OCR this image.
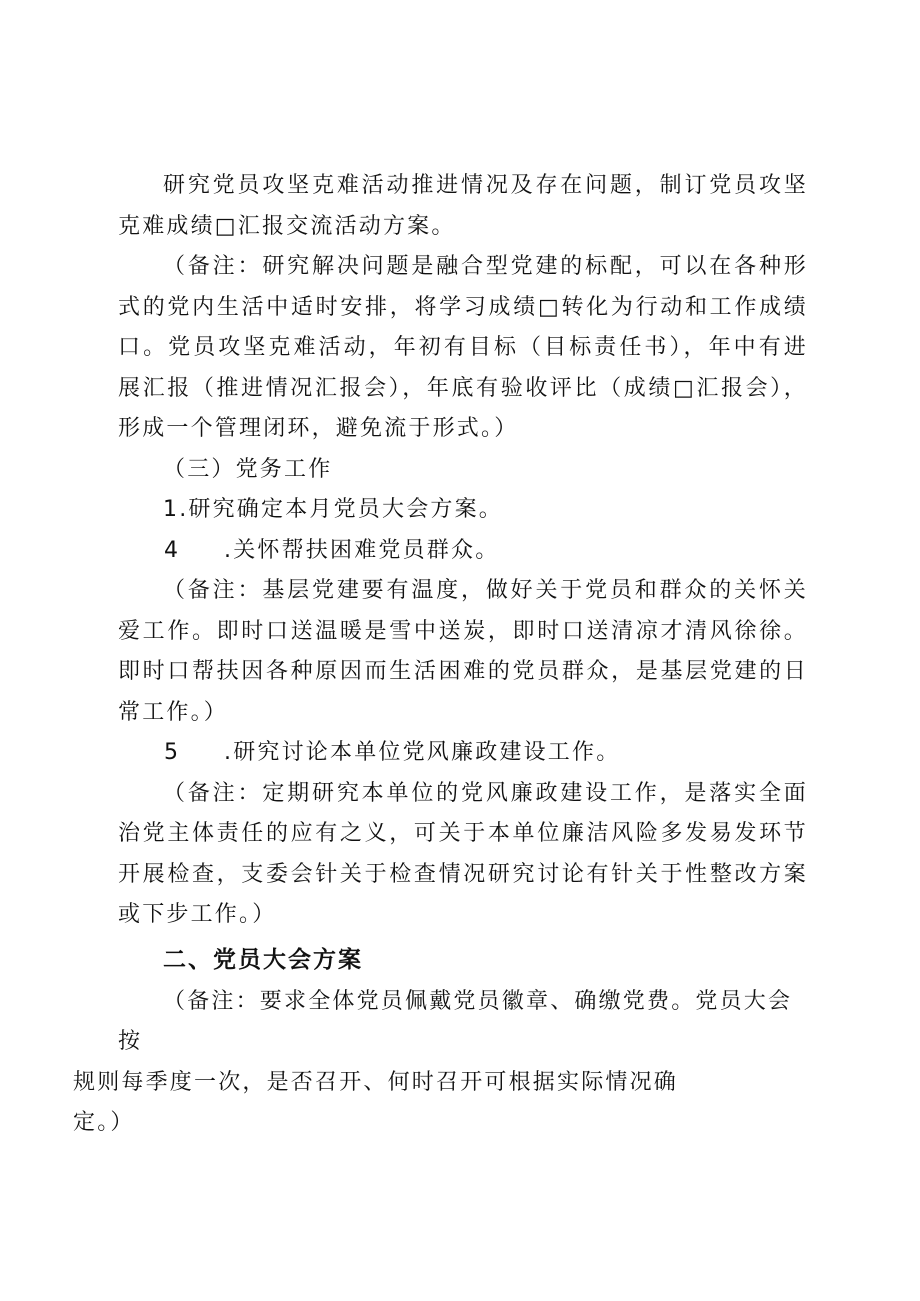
研究党员攻坚克难活动推进情况及存在问题，制订党员攻坚克难成绩□汇报交流活动方案。

（备注：研究解决问题是融合型党建的标配，可以在各种形式的党内生活中适时安排，将学习成绩□转化为行动和工作成绩口。党员攻坚克难活动，年初有目标（目标责任书），年中有进展汇报（推进情况汇报会），年底有验收评比（成绩□汇报会），形成一个管理闭环，避免流于形式。）

（三）党务工作

1.研究确定本月党员大会方案。

4	.关怀帮扶困难党员群众。

（备注：基层党建要有温度，做好关于党员和群众的关怀关爱工作。即时口送温暖是雪中送炭，即时口送清凉才清风徐徐。即时口帮扶因各种原因而生活困难的党员群众，是基层党建的日常工作。）

5	.研究讨论本单位党风廉政建设工作。

（备注：定期研究本单位的党风廉政建设工作，是落实全面治党主体责任的应有之义，可关于本单位廉洁风险多发易发环节开展检查，支委会针关于检查情况研究讨论有针关于性整改方案或下步工作。）

二、党员大会方案

（备注：要求全体党员佩戴党员徽章、确缴党费。党员大会按
规则每季度一次，是否召开、何时召开可根据实际情况确
定。）
